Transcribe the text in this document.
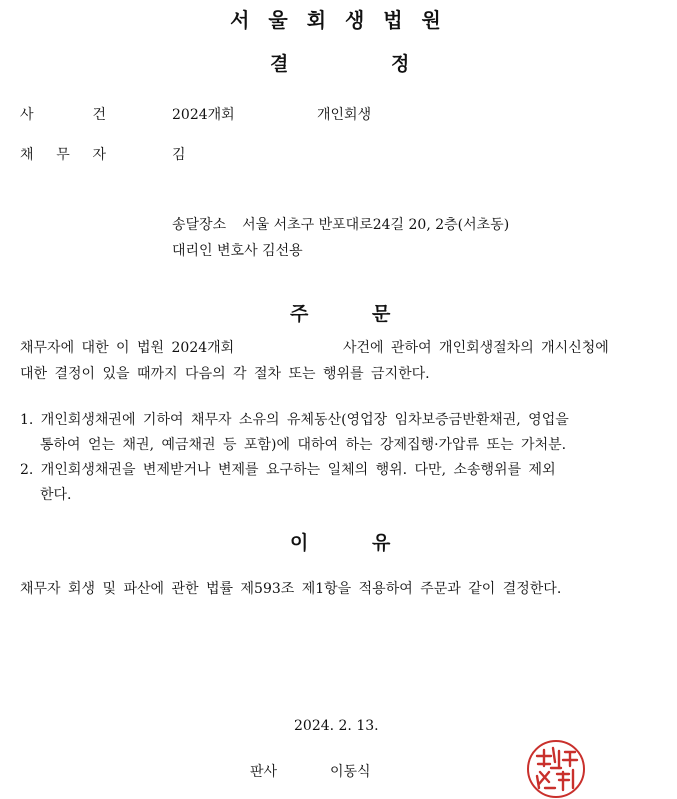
서 울 회 생 법 원
결	정
사 건	2024개회	개인회생
채 무 자	김
송달장소 서울 서초구 반포대로24길 20, 2층(서초동)
대리인 변호사 김선용
주	문
채무자에 대한 이 법원 2024개회	사건에 관하여 개인회생절차의 개시신청에
대한 결정이 있을 때까지 다음의 각 절차 또는 행위를 금지한다.
1. 개인회생채권에 기하여 채무자 소유의 유체동산(영업장 임차보증금반환채권, 영업을
통하여 얻는 채권, 예금채권 등 포함)에 대하여 하는 강제집행·가압류 또는 가처분.
2. 개인회생채권을 변제받거나 변제를 요구하는 일체의 행위. 다만, 소송행위를 제외
한다.
이	유
채무자 회생 및 파산에 관한 법률 제593조 제1항을 적용하여 주문과 같이 결정한다.
2024. 2. 13.
판사	이동식
